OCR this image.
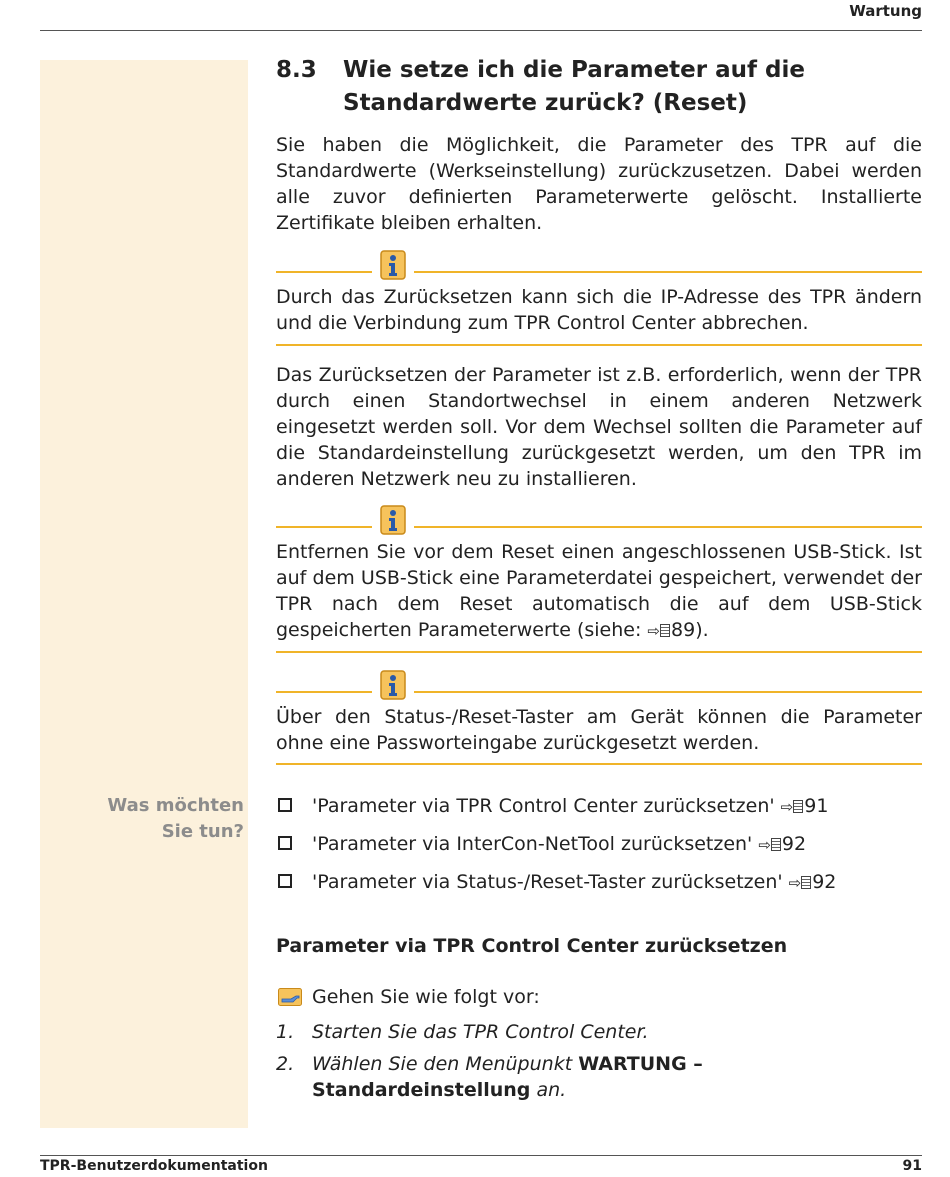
Wartung
Was möchten
Sie tun?
8.3 Wie setze ich die Parameter auf die
Standardwerte zurück? (Reset)
Sie haben die Möglichkeit, die Parameter des TPR auf die Standardwerte (Werkseinstellung) zurückzusetzen. Dabei werden alle zuvor definierten Parameterwerte gelöscht. Installierte Zertifikate bleiben erhalten.
Durch das Zurücksetzen kann sich die IP-Adresse des TPR ändern und die Verbindung zum TPR Control Center abbrechen.
Das Zurücksetzen der Parameter ist z.B. erforderlich, wenn der TPR durch einen Standortwechsel in einem anderen Netzwerk eingesetzt werden soll. Vor dem Wechsel sollten die Parameter auf die Standardeinstellung zurückgesetzt werden, um den TPR im anderen Netzwerk neu zu installieren.
Entfernen Sie vor dem Reset einen angeschlossenen USB-Stick. Ist auf dem USB-Stick eine Parameterdatei gespeichert, verwendet der TPR nach dem Reset automatisch die auf dem USB-Stick gespeicherten Parameterwerte (siehe: ⇨ 89).
Über den Status-/Reset-Taster am Gerät können die Parameter ohne eine Passworteingabe zurückgesetzt werden.
'Parameter via TPR Control Center zurücksetzen' ⇨ 91
'Parameter via InterCon-NetTool zurücksetzen' ⇨ 92
'Parameter via Status-/Reset-Taster zurücksetzen' ⇨ 92
Parameter via TPR Control Center zurücksetzen
Gehen Sie wie folgt vor:
1. Starten Sie das TPR Control Center.
2. Wählen Sie den Menüpunkt WARTUNG – Standardeinstellung an.
TPR-Benutzerdokumentation	91
